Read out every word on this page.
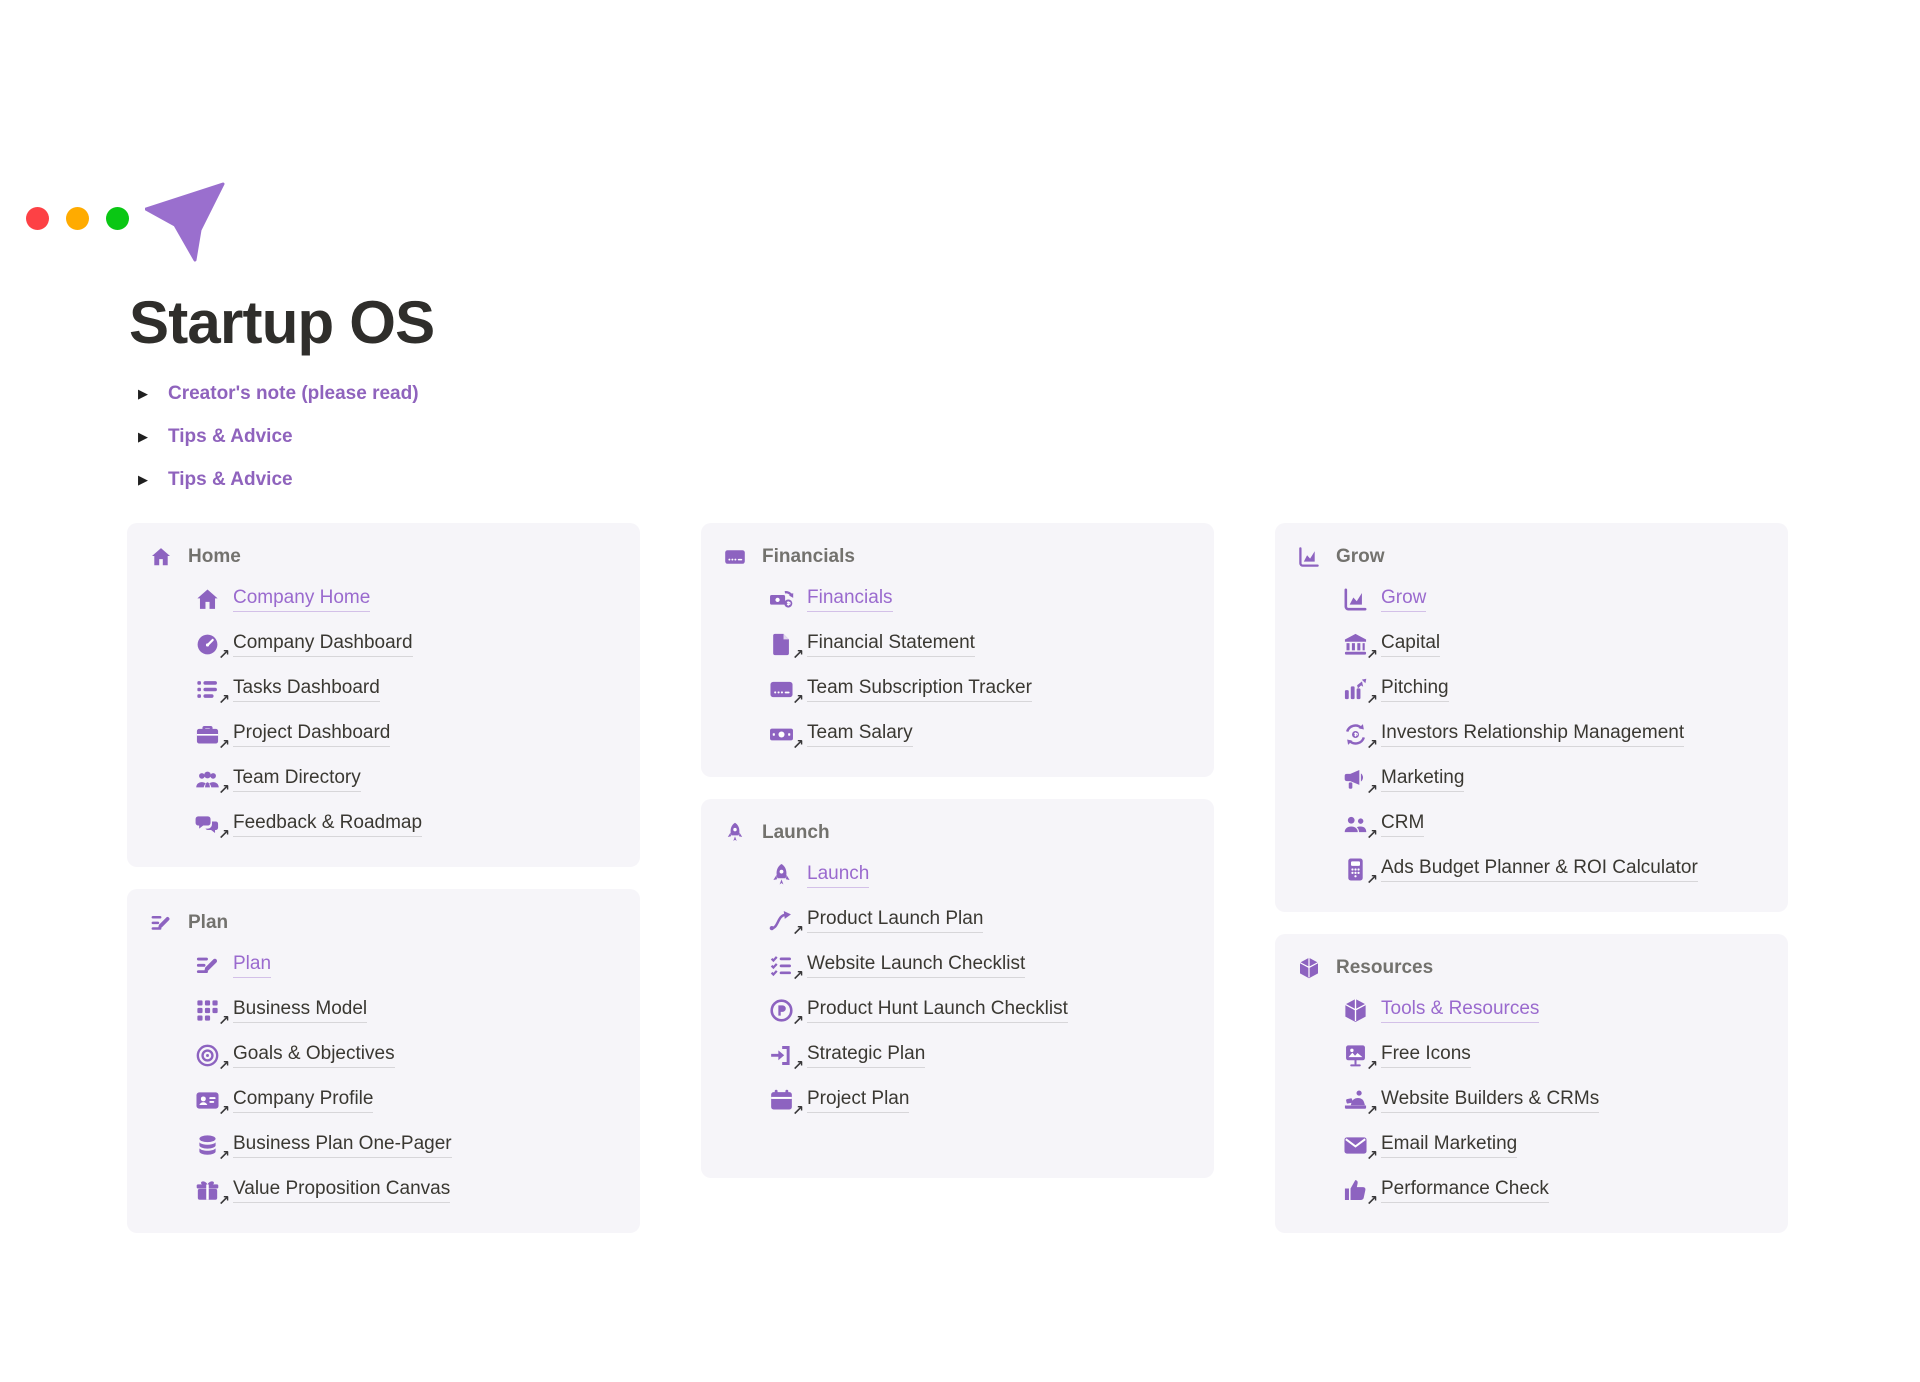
Startup OS
▶ Creator's note (please read)
▶ Tips & Advice
▶ Tips & Advice
Home
Company Home
↗
Company Dashboard
↗
Tasks Dashboard
↗
Project Dashboard
↗
Team Directory
↗
Feedback & Roadmap
Plan
Plan
↗
Business Model
↗
Goals & Objectives
↗
Company Profile
↗
Business Plan One-Pager
↗
Value Proposition Canvas
Financials
Financials
↗
Financial Statement
↗
Team Subscription Tracker
↗
Team Salary
Launch
Launch
↗
Product Launch Plan
↗
Website Launch Checklist
↗
Product Hunt Launch Checklist
↗
Strategic Plan
↗
Project Plan
Grow
Grow
↗
Capital
↗
Pitching
↗
Investors Relationship Management
↗
Marketing
↗
CRM
↗
Ads Budget Planner & ROI Calculator
Resources
Tools & Resources
↗
Free Icons
↗
Website Builders & CRMs
↗
Email Marketing
↗
Performance Check
